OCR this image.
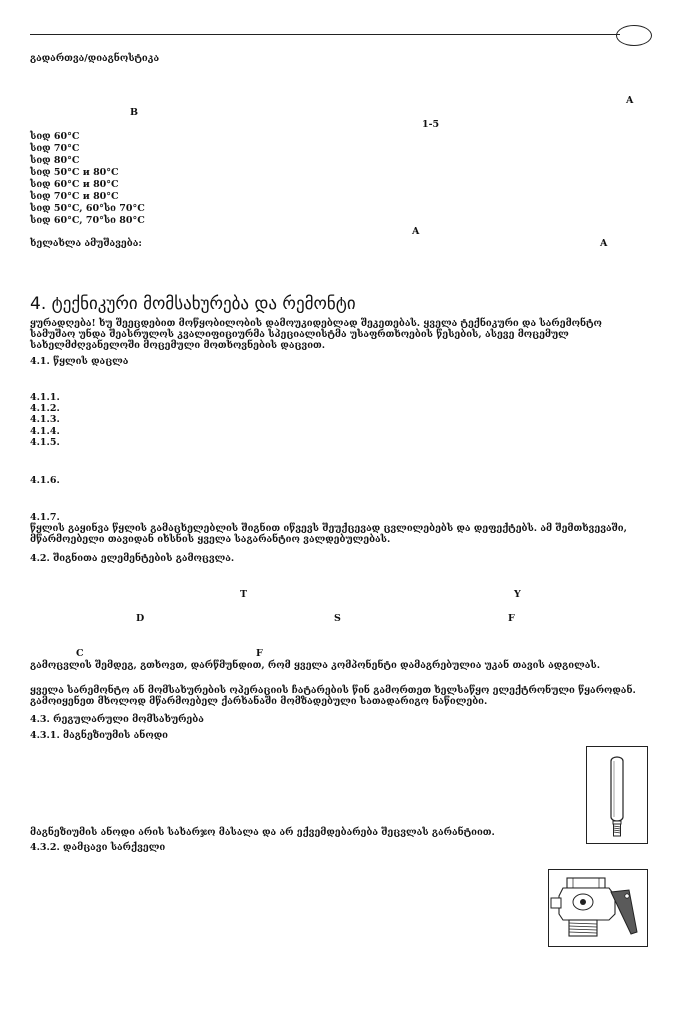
გადართვა/დიაგნოსტიკა
A
B
1-5
სიდ 60°C
სიდ 70°C
სიდ 80°C
სიდ 50°C и 80°C
სიდ 60°C и 80°C
სიდ 70°C и 80°C
სიდ 50°C, 60°სი 70°C
სიდ 60°C, 70°სი 80°C
A
ხელახლა ამუშავება:	A
4. ტექნიკური მომსახურება და რემონტი
ყურადღება! ხუ შეეცდებით მოწყობილობის დამოუკიდებლად შეკეთებას. ყველა ტექნიკური და სარემონტო
სამუშაო უნდა შეასრულოს კვალიფიციურმა სპეციალისტმა უსაფრთხოების წესების, ასევე მოცემულ
სახელმძღვანელოში მოცემული მოთხოვნების დაცვით.
4.1. წყლის დაცლა
4.1.1.
4.1.2.
4.1.3.
4.1.4.
4.1.5.
4.1.6.
4.1.7.
წყლის გაყინვა წყლის გამაცხელებლის შიგნით იწვევს შეუქცევად ცვლილებებს და დეფექტებს. ამ შემთხვევაში,
მწარმოებელი თავიდან იხსნის ყველა საგარანტიო ვალდებულებას.
4.2. შიგნითა ელემენტების გამოცვლა.
T	Y
D	S	F
C	F
გამოცვლის შემდეგ, გთხოვთ, დარწმუნდით, რომ ყველა კომპონენტი დამაგრებულია უკან თავის ადგილას.
ყველა სარემონტო ან მომსახურების ოპერაციის ჩატარების წინ გამორთეთ ხელსაწყო ელექტრონული წყაროდან.
გამოიყენეთ მხოლოდ მწარმოებელ ქარხანაში მომზადებული სათადარიგო ნაწილები.
4.3. რეგულარული მომსახურება
4.3.1. მაგნეზიუმის ანოდი
მაგნეზიუმის ანოდი არის სახარჯო მასალა და არ ექვემდებარება შეცვლას გარანტიით.
4.3.2. დამცავი სარქველი
